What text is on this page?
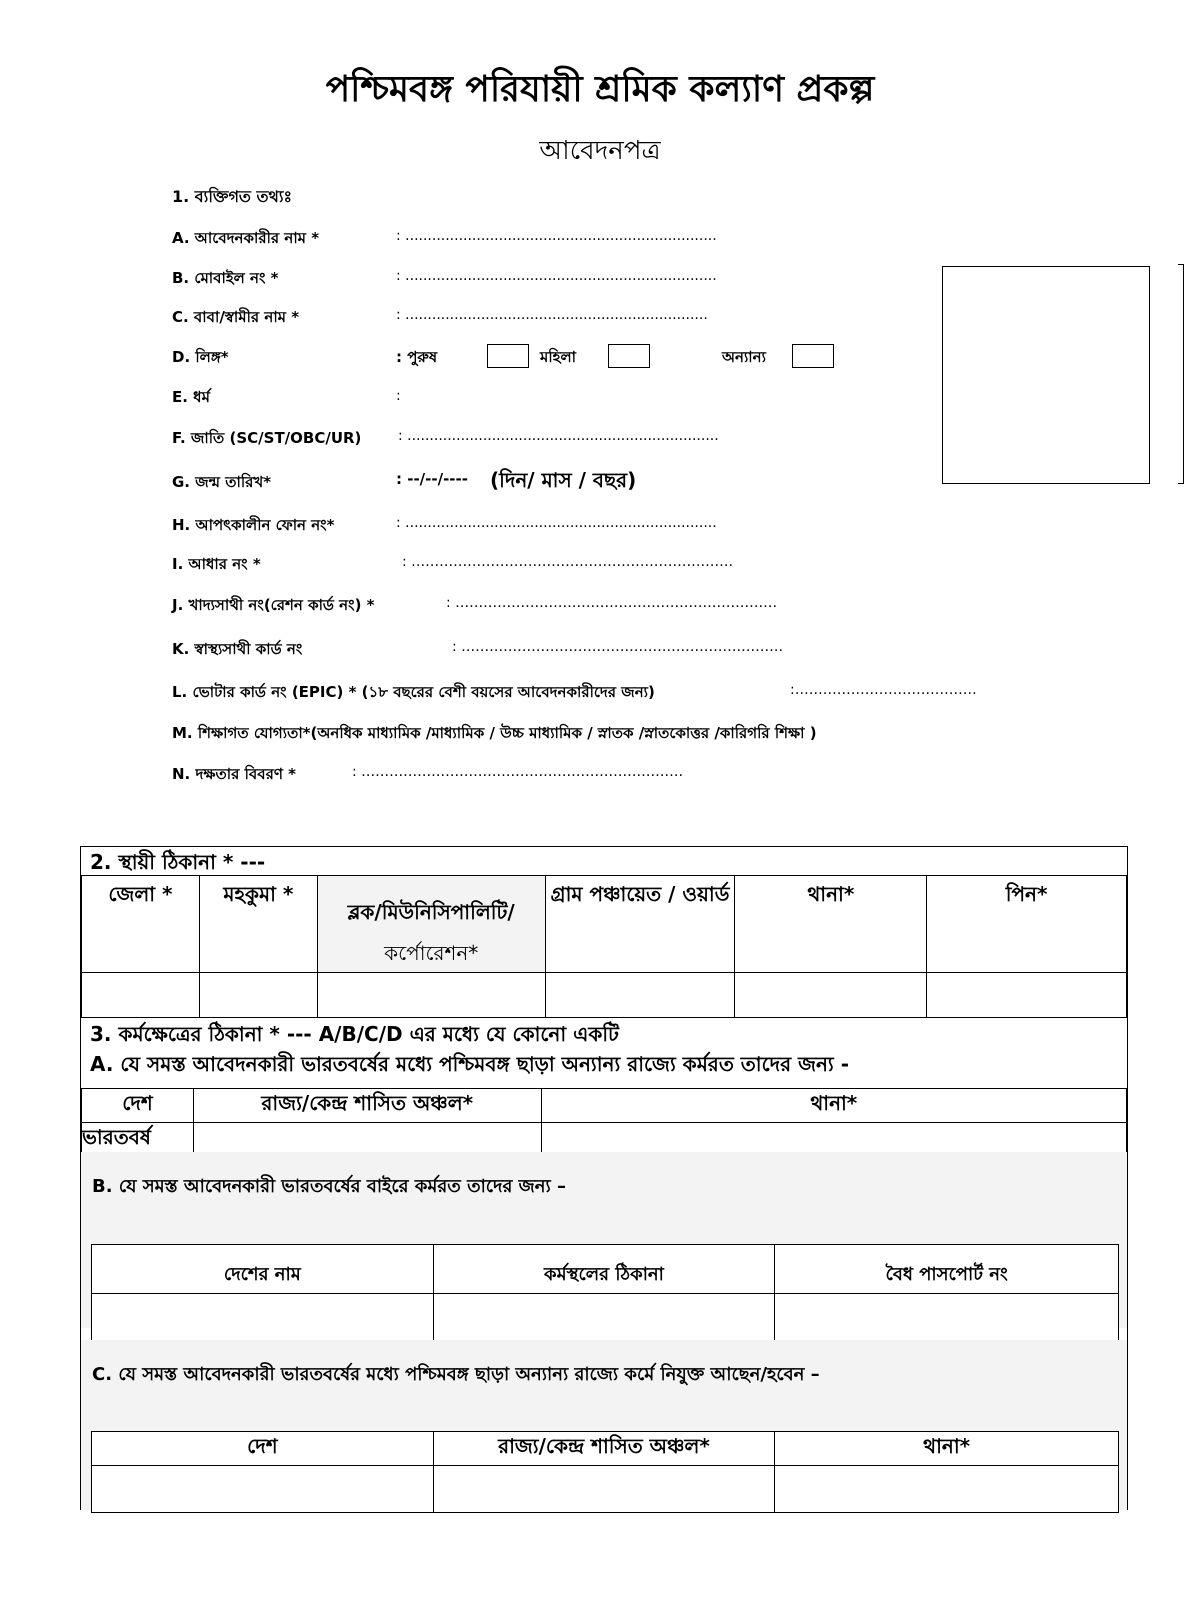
পশ্চিমবঙ্গ পরিযায়ী শ্রমিক কল্যাণ প্রকল্প
আবেদনপত্র
1. ব্যক্তিগত তথ্যঃ
A. আবেদনকারীর নাম *	: ......................................................................
B. মোবাইল নং *	: ......................................................................
C. বাবা/স্বামীর নাম *	: ....................................................................
D. লিঙ্গ*	: পুরুষ	মহিলা	অন্যান্য
E. ধর্ম	:
F. জাতি (SC/ST/OBC/UR)	: ......................................................................
G. জন্ম তারিখ*	: --/--/---- (দিন/ মাস / বছর)
H. আপৎকালীন ফোন নং*	: ......................................................................
I. আধার নং *	: ……………………………………………………………
J. খাদ্যসাথী নং(রেশন কার্ড নং) *	: ……………………………………………………………
K. স্বাস্থ্যসাথী কার্ড নং	: ……………………………………………………………
L. ভোটার কার্ড নং (EPIC) * (১৮ বছরের বেশী বয়সের আবেদনকারীদের জন্য)	:…………………………………
M. শিক্ষাগত যোগ্যতা*(অনধিক মাধ্যামিক /মাধ্যামিক / উচ্চ মাধ্যামিক / স্নাতক /স্নাতকোত্তর /কারিগরি শিক্ষা )
N. দক্ষতার বিবরণ *	: ……………………………………………………………
2. স্থায়ী ঠিকানা * ---
জেলা *	মহকুমা *	ব্লক/মিউনিসিপালিটি/
কর্পোরেশন*	গ্রাম পঞ্চায়েত / ওয়ার্ড	থানা*	পিন*

3. কর্মক্ষেত্রের ঠিকানা * --- A/B/C/D এর মধ্যে যে কোনো একটি
A. যে সমস্ত আবেদনকারী ভারতবর্ষের মধ্যে পশ্চিমবঙ্গ ছাড়া অন্যান্য রাজ্যে কর্মরত তাদের জন্য -
দেশ	রাজ্য/কেন্দ্র শাসিত অঞ্চল*	থানা*
ভারতবর্ষ		
B. যে সমস্ত আবেদনকারী ভারতবর্ষের বাইরে কর্মরত তাদের জন্য –
দেশের নাম	কর্মস্থলের ঠিকানা	বৈধ পাসপোর্ট নং

C. যে সমস্ত আবেদনকারী ভারতবর্ষের মধ্যে পশ্চিমবঙ্গ ছাড়া অন্যান্য রাজ্যে কর্মে নিযুক্ত আছেন/হবেন –
দেশ	রাজ্য/কেন্দ্র শাসিত অঞ্চল*	থানা*
